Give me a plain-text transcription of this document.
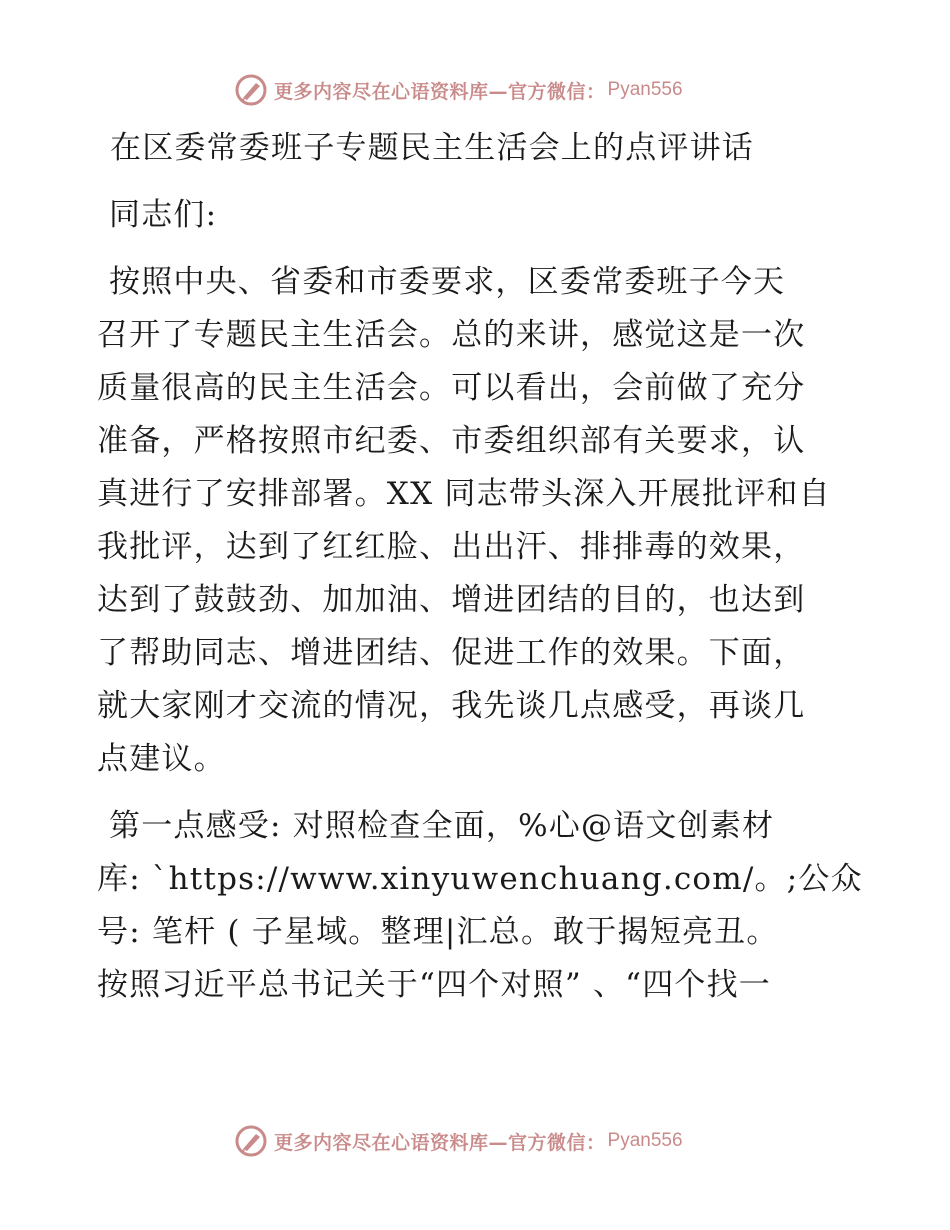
更多内容尽在心语资料库—官方微信： Pyan556
在区委常委班子专题民主生活会上的点评讲话
同志们:
按照中央、省委和市委要求，区委常委班子今天
召开了专题民主生活会。总的来讲，感觉这是一次
质量很高的民主生活会。可以看出，会前做了充分
准备，严格按照市纪委、市委组织部有关要求，认
真进行了安排部署。XX 同志带头深入开展批评和自
我批评，达到了红红脸、出出汗、排排毒的效果，
达到了鼓鼓劲、加加油、增进团结的目的，也达到
了帮助同志、增进团结、促进工作的效果。下面，
就大家刚才交流的情况，我先谈几点感受，再谈几
点建议。
第一点感受: 对照检查全面，%心@语文创素材
库: `https://www.xinyuwenchuang.com/。;公众
号: 笔杆 ( 子星域。整理|汇总。敢于揭短亮丑。
按照习近平总书记关于“四个对照” 、“四个找一
更多内容尽在心语资料库—官方微信： Pyan556
